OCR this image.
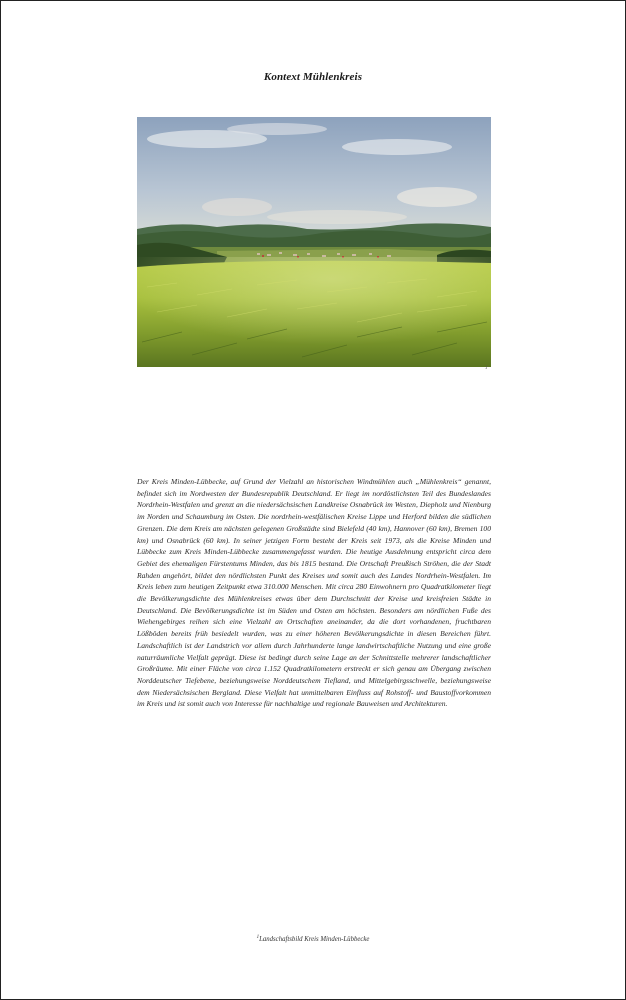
Kontext Mühlenkreis
1

Der Kreis Minden-Lübbecke, auf Grund der Vielzahl an historischen Windmühlen auch „Mühlenkreis“ genannt, befindet sich im Nordwesten der Bundesrepublik Deutschland. Er liegt im nordöstlichsten Teil des Bundeslandes Nordrhein-Westfalen und grenzt an die niedersächsischen Landkreise Osnabrück im Westen, Diepholz und Nienburg im Norden und Schaumburg im Osten. Die nordrhein-westfälischen Kreise Lippe und Herford bilden die südlichen Grenzen. Die dem Kreis am nächsten gelegenen Großstädte sind Bielefeld (40 km), Hannover (60 km), Bremen 100 km) und Osnabrück (60 km). In seiner jetzigen Form besteht der Kreis seit 1973, als die Kreise Minden und Lübbecke zum Kreis Minden-Lübbecke zusammengefasst wurden. Die heutige Ausdehnung entspricht circa dem Gebiet des ehemaligen Fürstentums Minden, das bis 1815 bestand. Die Ortschaft Preußisch Ströhen, die der Stadt Rahden angehört, bildet den nördlichsten Punkt des Kreises und somit auch des Landes Nordrhein-Westfalen. Im Kreis leben zum heutigen Zeitpunkt etwa 310.000 Menschen. Mit circa 280 Einwohnern pro Quadratkilometer liegt die Bevölkerungsdichte des Mühlenkreises etwas über dem Durchschnitt der Kreise und kreisfreien Städte in Deutschland. Die Bevölkerungsdichte ist im Süden und Osten am höchsten. Besonders am nördlichen Fuße des Wiehengebirges reihen sich eine Vielzahl an Ortschaften aneinander, da die dort vorhandenen, fruchtbaren Lößböden bereits früh besiedelt wurden, was zu einer höheren Bevölkerungsdichte in diesen Bereichen führt. Landschaftlich ist der Landstrich vor allem durch Jahrhunderte lange landwirtschaftliche Nutzung und eine große naturräumliche Vielfalt geprägt. Diese ist bedingt durch seine Lage an der Schnittstelle mehrerer landschaftlicher Großräume. Mit einer Fläche von circa 1.152 Quadratkilometern erstreckt er sich genau am Übergang zwischen Norddeutscher Tiefebene, beziehungsweise Norddeutschem Tiefland, und Mittelgebirgsschwelle, beziehungsweise dem Niedersächsischen Bergland. Diese Vielfalt hat unmittelbaren Einfluss auf Rohstoff- und Baustoffvorkommen im Kreis und ist somit auch von Interesse für nachhaltige und regionale Bauweisen und Architekturen.

$^1$Landschaftsbild Kreis Minden-Lübbecke
